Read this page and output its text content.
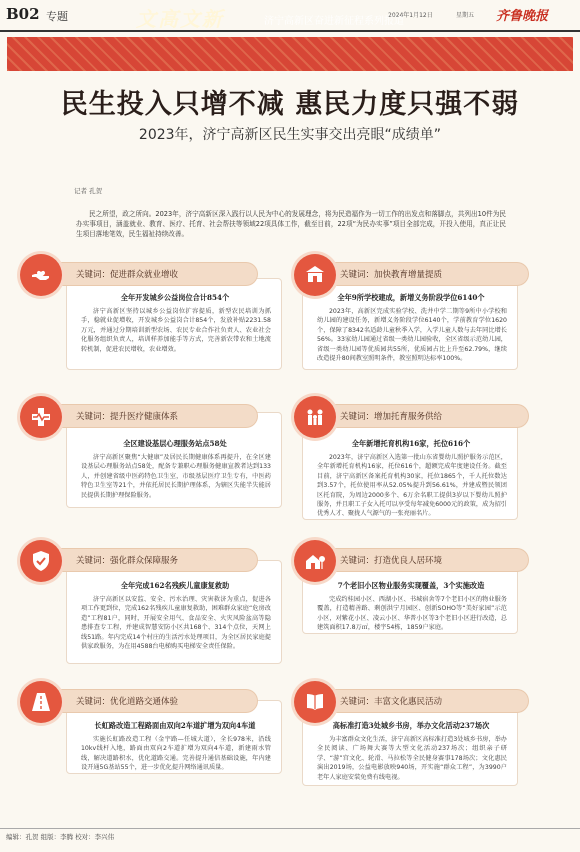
B02 专题	2024年1月12日	星期五 齐鲁晚报
文高文新	济宁高新区奋进新征程系列报道
民生投入只增不减 惠民力度只强不弱
2023年，济宁高新区民生实事交出亮眼“成绩单”
记者 孔贺
民之所望，政之所向。2023年，济宁高新区深入践行以人民为中心的发展理念，将为民造福作为一切工作的出发点和落脚点，共列出10件为民办实事项目，涵盖就业、教育、医疗、托育、社会帮扶等领域22项具体工作，截至目前，22项“为民办实事”项目全部完成，开投入使用，真正让民生项目落地笔效，民生福祉持续改善。
全年开发城乡公益岗位合计854个
济宁高新区坚持以城乡公益岗位扩容提质，新型农民培训为抓手，稳就业促增收，开发城乡公益岗合计854个，发放补贴2231.58万元，并通过分期培训新型农场、农民专业合作社负责人、农业社会化服务组织负责人，培训样养加能手等方式，完善新农带农和土地流转机制，促进农民增收，农业增效。
关键词：促进群众就业增收
全年9所学校建成，新增义务阶段学位6140个
2023年，高新区完成实验学校、洗井中学二期等9所中小学校和幼儿园的建设任务，新增义务阶段学位6140个，学前教育学位1620个，保障了8342名适龄儿童秋季入学，入学儿童人数与去年同比增长56%。33家幼儿园通过省级一类幼儿园验收，全区省级示范幼儿园，省级一类幼儿园等优质园共55所，优质园占比上升至62.79%，继续改造提升80间教室照明条件，教室照明达标率100%。
关键词：加快教育增量提质
全区建设基层心理服务站点58处
济宁高新区聚焦“大健康”及居民长期健康体系再提升，在全区建设基层心理服务站点58处，配备专兼职心理服务健康宣教者达到133人，并创建省级中医药特色卫生室，市级基层医疗卫生专有，中医药特色卫生室等21个，并依托居民长期护理体系，为辖区失能半失能居民提供长期护理保险服务。
关键词：提升医疗健康体系
全年新增托育机构16家，托位616个
2023年，济宁高新区入选第一批山东省婴幼儿照护服务示范区，全年新增托育机构16家，托位616个，超额完成年度建设任务。截至目前，济宁高新区备案托育机构30家，托位1865个，千人托位数达到3.57个，托位使用率从52.05%提升到56.61%，并建成暨民领团区托育院，为周边2000多个、6万余名职工提供3岁以下婴幼儿照护服务，并且职工子女入托可以享受每年减免6000元的政策，成为招引优秀人才、聚拢人气源气的一张亮丽名片。
关键词：增加托育服务供给
全年完成162名残疾儿童康复救助
济宁高新区以安监、安全、污水治理、灾害救济为重点，促进各项工作更到位，完成162名残疾儿童康复救助，困难群众家庭“危房改造”工程81户，同时，开展安全用气、食品安全、火灾风险盆高等隐患排查专工程，并建成智慧安防小区共168个、314个点位，天网上线51路。年内完成14个村庄的生活污水处理项目，为全区居民家庭提供家政服务，为在用4588台电梯购买电梯安全责任保险。
关键词：强化群众保障服务
7个老旧小区物业服务实现覆盖，3个实施改造
完成约桂园小区、西湖小区、书城宿舍等7个老旧小区的物业服务覆盖，打造精善路、剩创洪宁月园区、创新SOHO等“美好家园”示范小区，对紫花小区、凌云小区、华普小区等3个老旧小区进行改造，总建筑面积17.8万㎡，楼宇54栋，1859户家庭。
关键词：打造优良人居环境
长虹路改造工程路面由双向2车道扩增为双向4车道
实施长虹路改造工程（金宇路—任城大道），全长978米，沿线10kv线杆入地，路面由双向2车道扩增为双向4车道，新建雨水管线，解决道路积水，优化道路交通。完善提升通信基础设施，年内建设开通5G基站55个，进一步优化提升网络通讯质量。
关键词：优化道路交通体验
高标准打造3处城乡书房，举办文化活动237场次
为丰富群众文化生活，济宁高新区高标准打造3处城乡书房，举办全民阅读、广场舞大赛等大型文化活动237场次；组织亲子研学、“游”宫文化、轮滑、马拉松等全民健身赛事178场次；文化惠民演出2019场，公益电影放映940场，开实施“群众工程”，为3990户老年人家庭安装免费有线电视。
关键词：丰富文化惠民活动
编辑：孔贺 组版：李腾 校对：李兴伟
